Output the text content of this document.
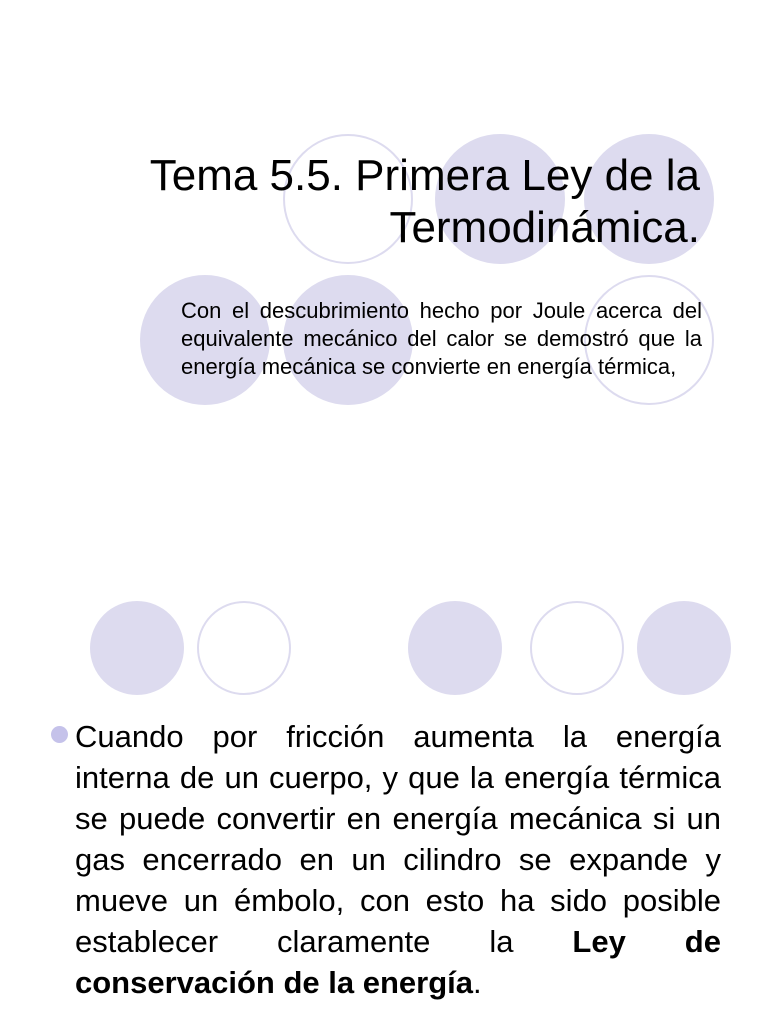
Tema 5.5. Primera Ley de la
Termodinámica.

Con el descubrimiento hecho por Joule acerca del equivalente mecánico del calor se demostró que la energía mecánica se convierte en energía térmica,

Cuando por fricción aumenta la energía interna de un cuerpo, y que la energía térmica se puede convertir en energía mecánica si un gas encerrado en un cilindro se expande y mueve un émbolo, con esto ha sido posible establecer claramente la Ley de conservación de la energía.
